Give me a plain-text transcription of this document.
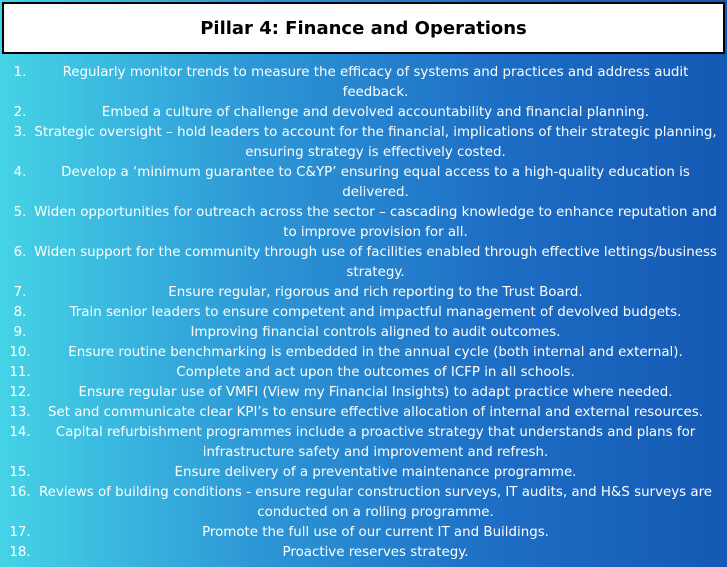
Pillar 4: Finance and Operations
1.	Regularly monitor trends to measure the efficacy of systems and practices and address audit feedback.
2.	Embed a culture of challenge and devolved accountability and financial planning.
3. Strategic oversight – hold leaders to account for the financial, implications of their strategic planning, ensuring strategy is effectively costed.
4.	Develop a ‘minimum guarantee to C&YP’ ensuring equal access to a high-quality education is delivered.
5. Widen opportunities for outreach across the sector – cascading knowledge to enhance reputation and to improve provision for all.
6. Widen support for the community through use of facilities enabled through effective lettings/business strategy.
7.	Ensure regular, rigorous and rich reporting to the Trust Board.
8.	Train senior leaders to ensure competent and impactful management of devolved budgets.
9.	Improving financial controls aligned to audit outcomes.
10.	Ensure routine benchmarking is embedded in the annual cycle (both internal and external).
11.	Complete and act upon the outcomes of ICFP in all schools.
12.	Ensure regular use of VMFI (View my Financial Insights) to adapt practice where needed.
13.	Set and communicate clear KPI’s to ensure effective allocation of internal and external resources.
14.	Capital refurbishment programmes include a proactive strategy that understands and plans for infrastructure safety and improvement and refresh.
15.	Ensure delivery of a preventative maintenance programme.
16. Reviews of building conditions - ensure regular construction surveys, IT audits, and H&S surveys are conducted on a rolling programme.
17.	Promote the full use of our current IT and Buildings.
18.	Proactive reserves strategy.
